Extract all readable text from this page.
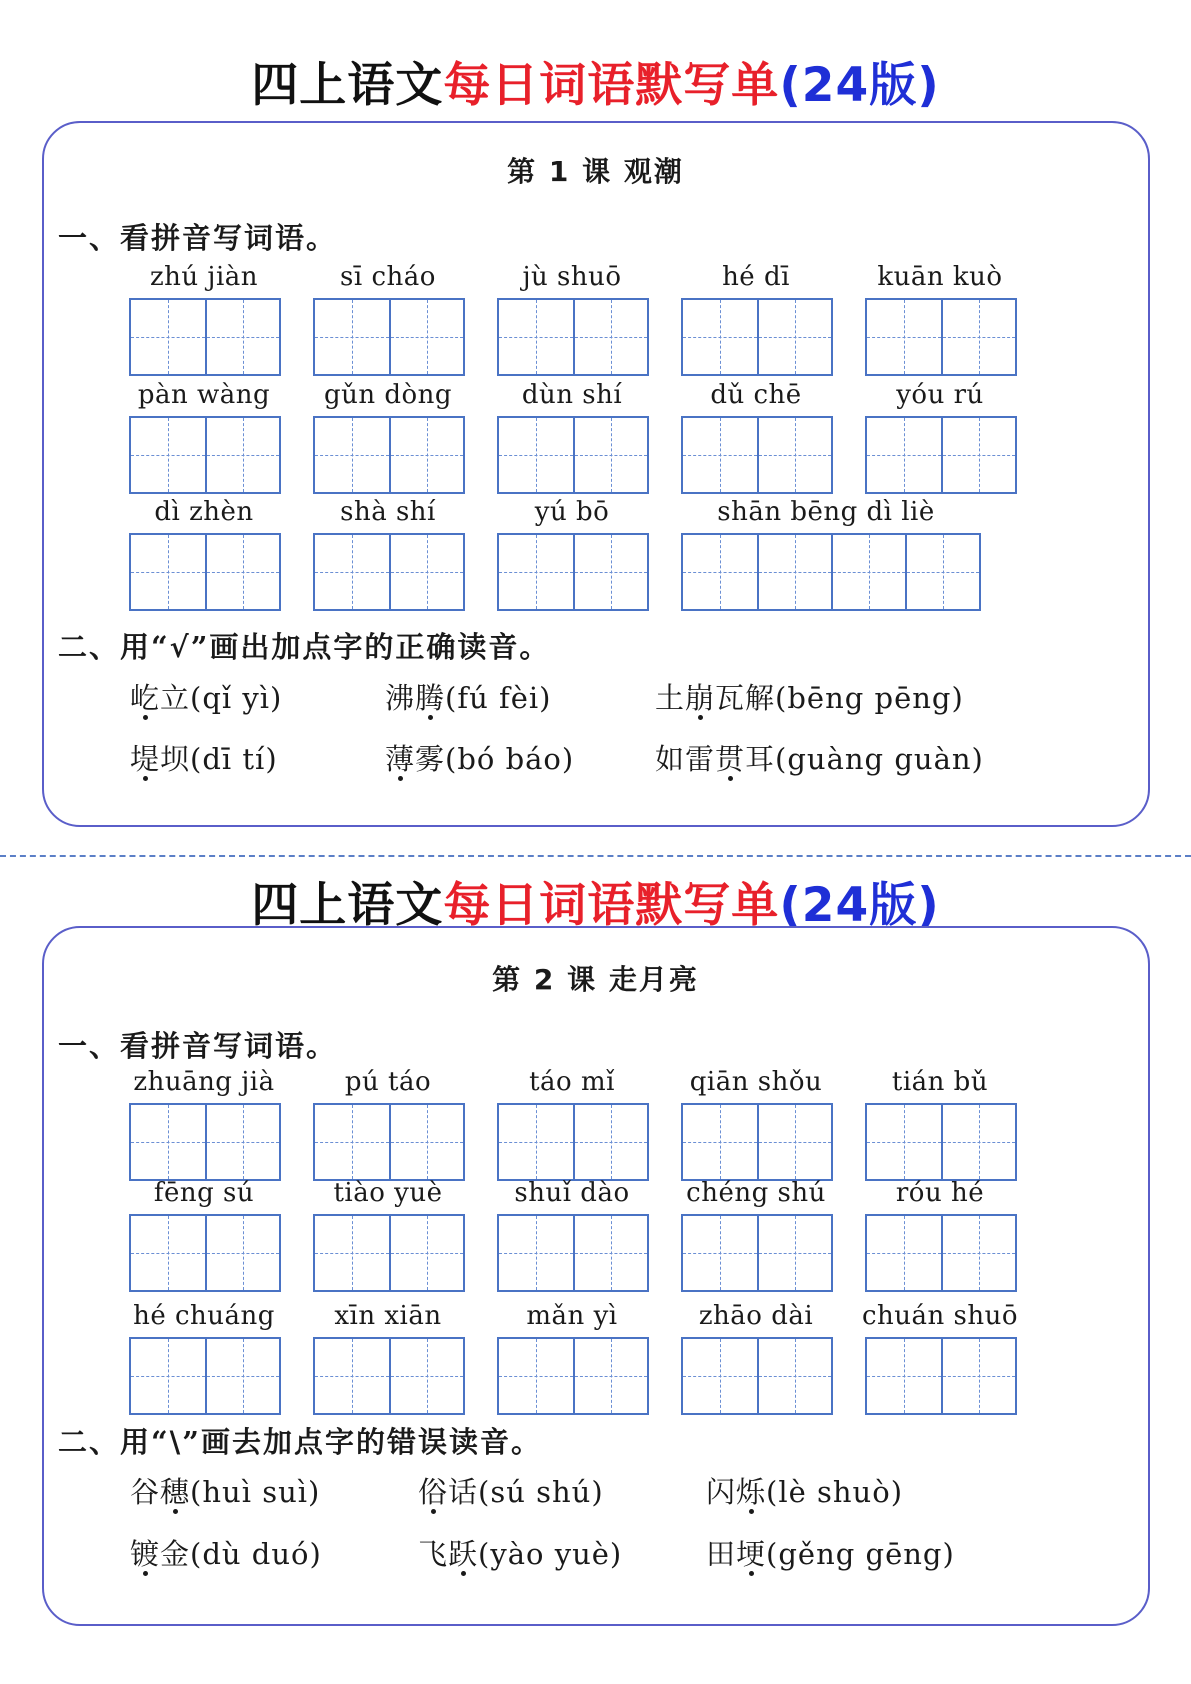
四上语文每日词语默写单(24版)
第 1 课 观潮
一、看拼音写词语。
zhú jiàn	sī cháo	jù shuō	hé dī	kuān kuò
pàn wàng	gǔn dòng	dùn shí	dǔ chē	yóu rú
dì zhèn	shà shí	yú bō	shān bēng dì liè
二、用“√”画出加点字的正确读音。
屹立(qǐ yì)	沸腾(fú fèi)	土崩瓦解(bēng pēng)
堤坝(dī tí)	薄雾(bó báo)	如雷贯耳(guàng guàn)
四上语文每日词语默写单(24版)
第 2 课 走月亮
一、看拼音写词语。
zhuāng jià	pú táo	táo mǐ	qiān shǒu	tián bǔ
fēng sú	tiào yuè	shuǐ dào	chéng shú	róu hé
hé chuáng	xīn xiān	mǎn yì	zhāo dài	chuán shuō
二、用“\”画去加点字的错误读音。
谷穗(huì suì)	俗话(sú shú)	闪烁(lè shuò)
镀金(dù duó)	飞跃(yào yuè)	田埂(gěng gēng)
